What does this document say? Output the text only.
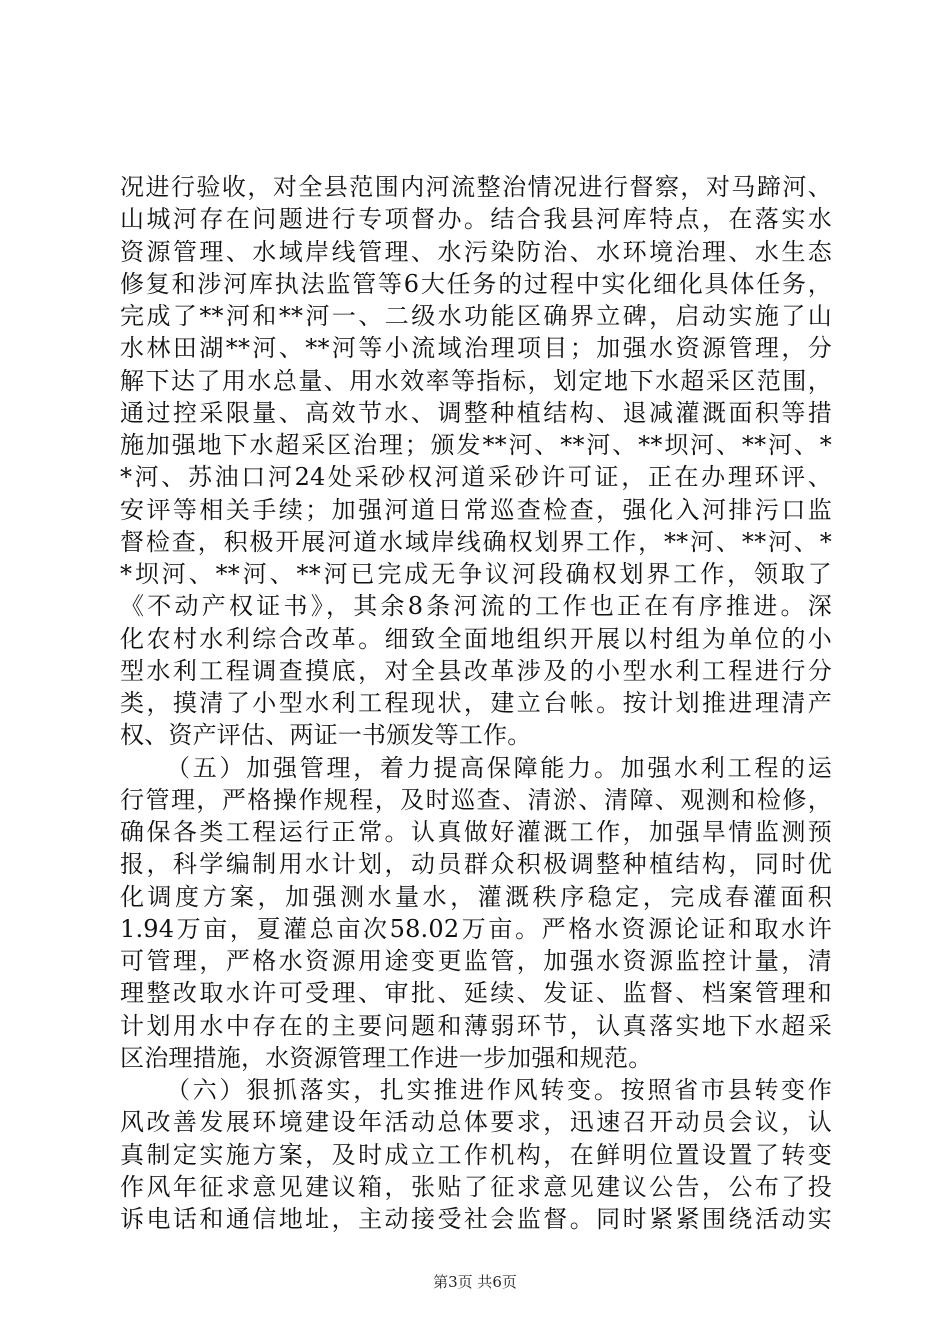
况进行验收，对全县范围内河流整治情况进行督察，对马蹄河、
山城河存在问题进行专项督办。结合我县河库特点，在落实水
资源管理、水域岸线管理、水污染防治、水环境治理、水生态
修复和涉河库执法监管等6大任务的过程中实化细化具体任务，
完成了**河和**河一、二级水功能区确界立碑，启动实施了山
水林田湖**河、**河等小流域治理项目；加强水资源管理，分
解下达了用水总量、用水效率等指标，划定地下水超采区范围，
通过控采限量、高效节水、调整种植结构、退减灌溉面积等措
施加强地下水超采区治理；颁发**河、**河、**坝河、**河、*
*河、苏油口河24处采砂权河道采砂许可证，正在办理环评、
安评等相关手续；加强河道日常巡查检查，强化入河排污口监
督检查，积极开展河道水域岸线确权划界工作，**河、**河、*
*坝河、**河、**河已完成无争议河段确权划界工作，领取了
《不动产权证书》，其余8条河流的工作也正在有序推进。深
化农村水利综合改革。细致全面地组织开展以村组为单位的小
型水利工程调查摸底，对全县改革涉及的小型水利工程进行分
类，摸清了小型水利工程现状，建立台帐。按计划推进理清产
权、资产评估、两证一书颁发等工作。
（五）加强管理，着力提高保障能力。加强水利工程的运
行管理，严格操作规程，及时巡查、清淤、清障、观测和检修，
确保各类工程运行正常。认真做好灌溉工作，加强旱情监测预
报，科学编制用水计划，动员群众积极调整种植结构，同时优
化调度方案，加强测水量水，灌溉秩序稳定，完成春灌面积
1.94万亩，夏灌总亩次58.02万亩。严格水资源论证和取水许
可管理，严格水资源用途变更监管，加强水资源监控计量，清
理整改取水许可受理、审批、延续、发证、监督、档案管理和
计划用水中存在的主要问题和薄弱环节，认真落实地下水超采
区治理措施，水资源管理工作进一步加强和规范。
（六）狠抓落实，扎实推进作风转变。按照省市县转变作
风改善发展环境建设年活动总体要求，迅速召开动员会议，认
真制定实施方案，及时成立工作机构，在鲜明位置设置了转变
作风年征求意见建议箱，张贴了征求意见建议公告，公布了投
诉电话和通信地址，主动接受社会监督。同时紧紧围绕活动实
第3页 共6页
